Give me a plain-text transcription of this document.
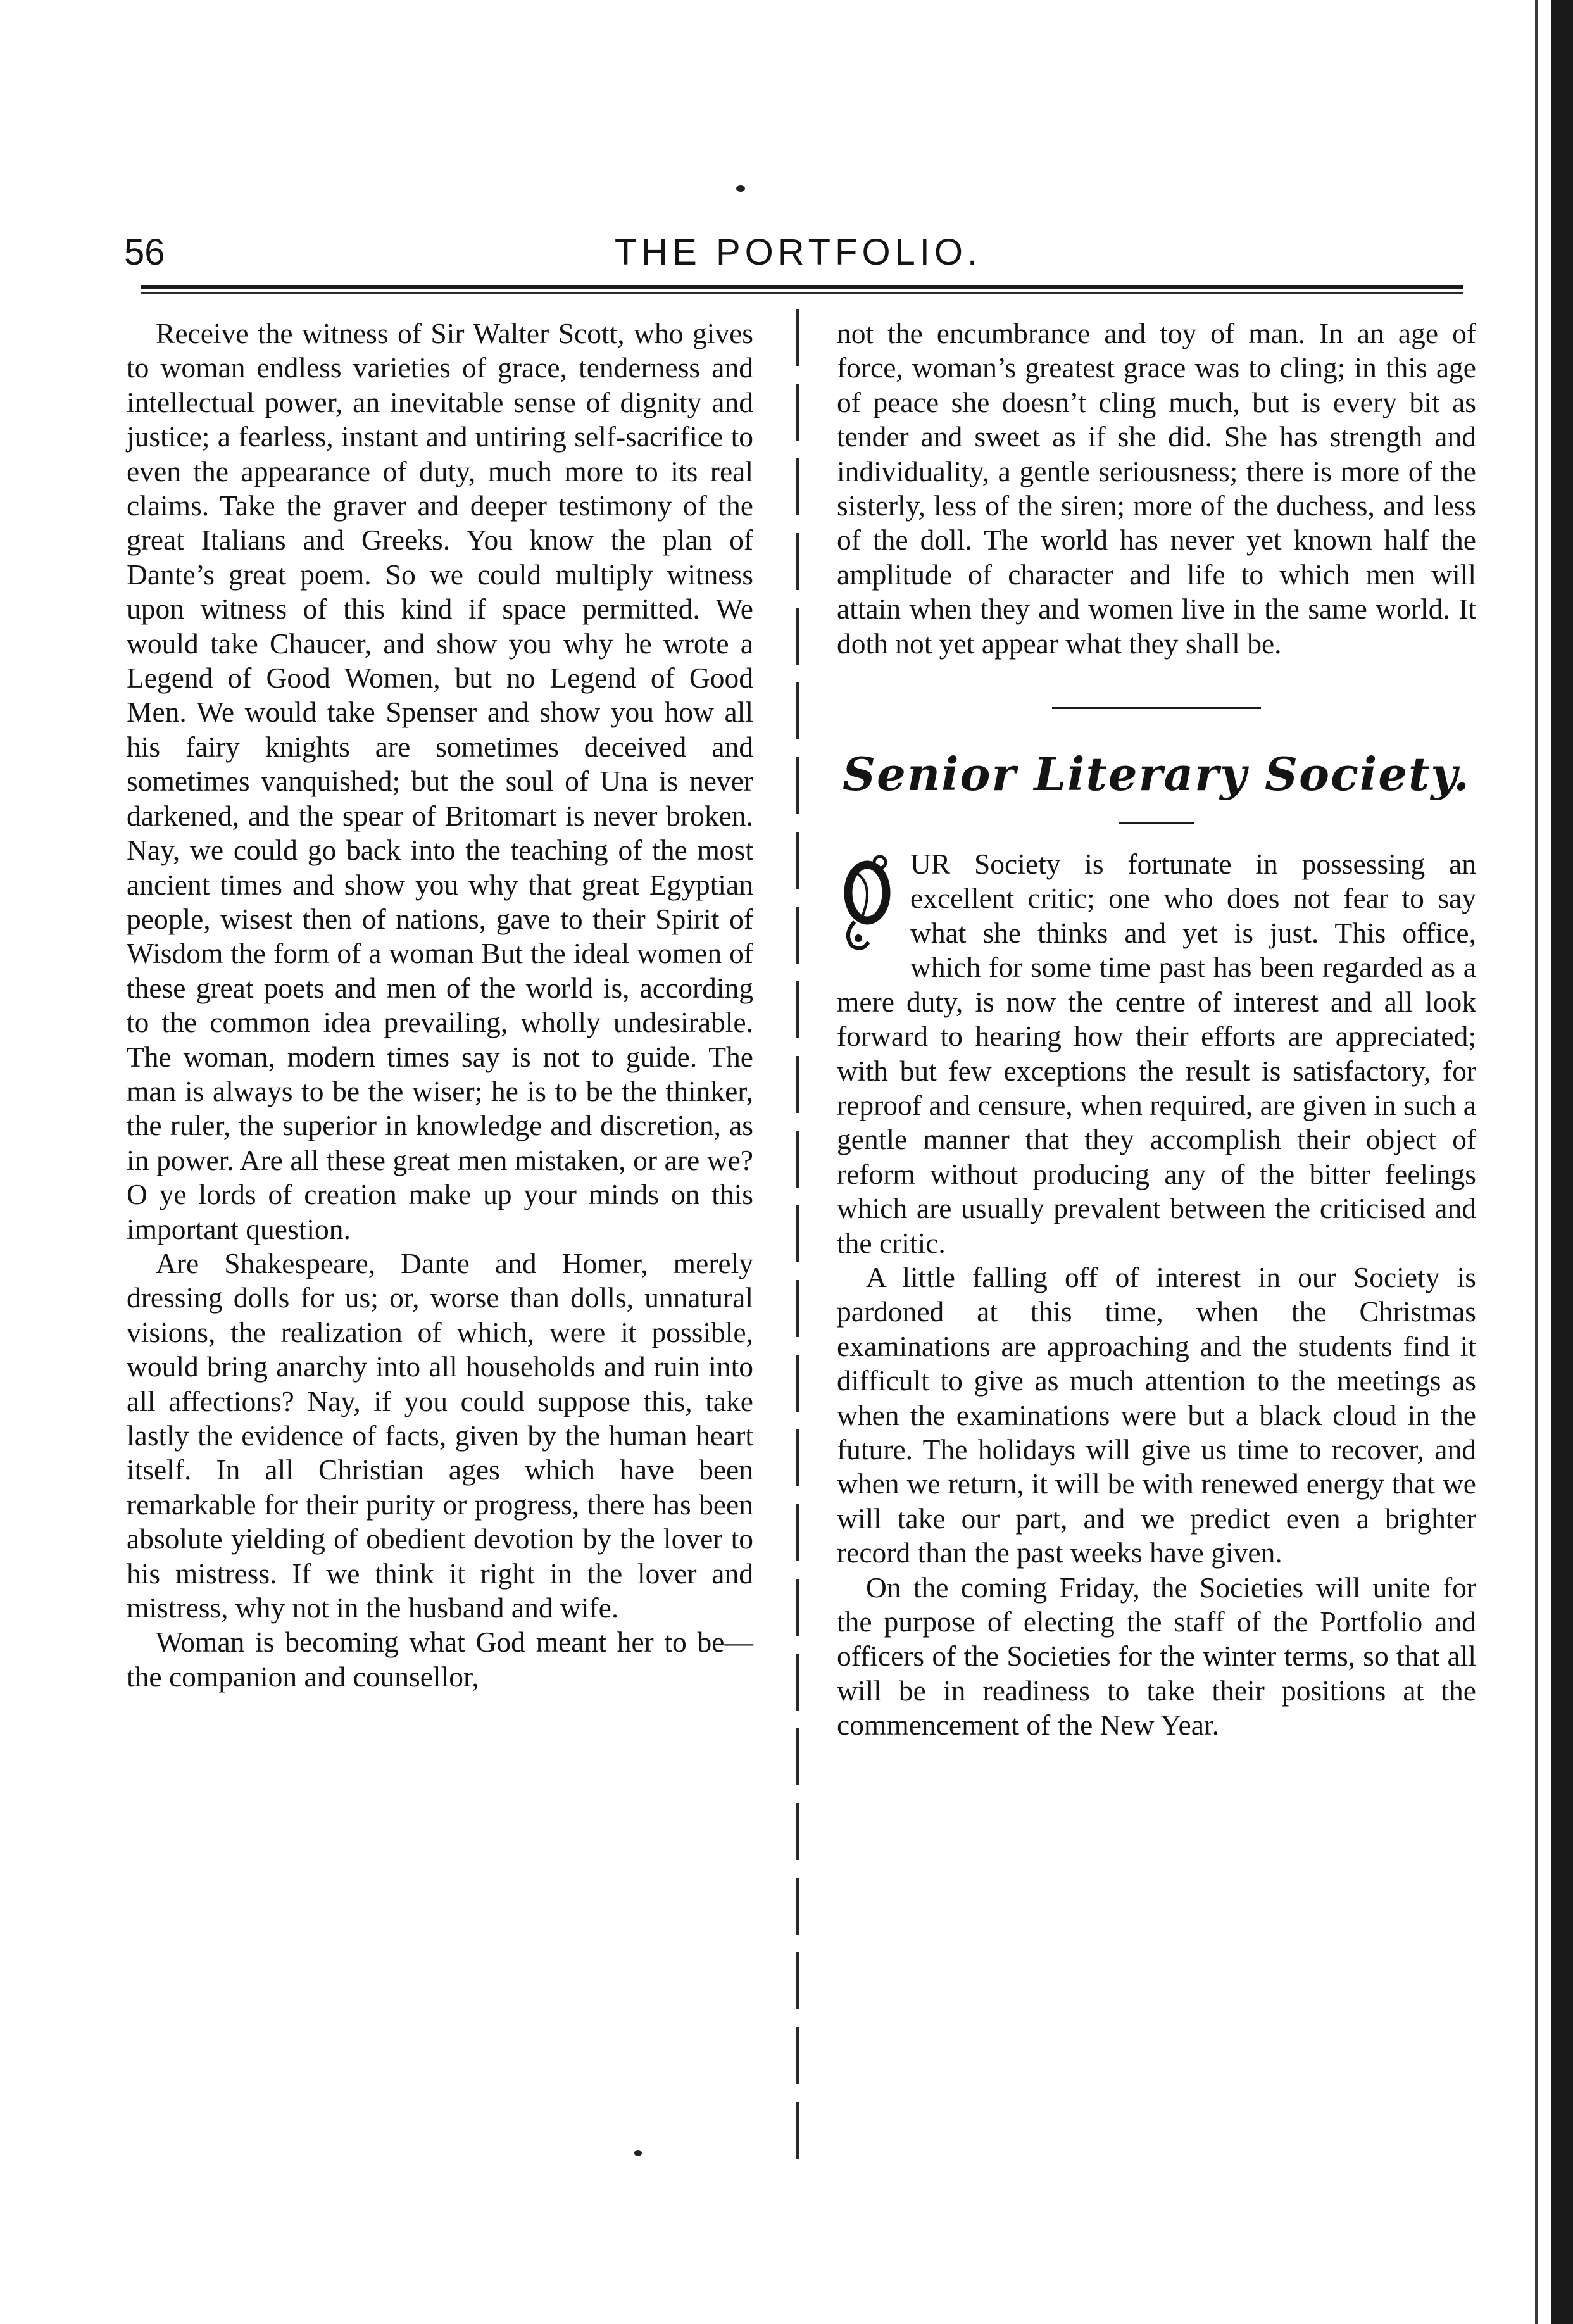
56	THE PORTFOLIO.

Receive the witness of Sir Walter Scott, who gives to woman endless varieties of grace, tenderness and intellectual power, an inevitable sense of dignity and justice; a fearless, instant and untiring self-sacrifice to even the appearance of duty, much more to its real claims. Take the graver and deeper testimony of the great Italians and Greeks. You know the plan of Dante’s great poem. So we could multiply witness upon witness of this kind if space permitted. We would take Chaucer, and show you why he wrote a Legend of Good Women, but no Legend of Good Men. We would take Spenser and show you how all his fairy knights are sometimes deceived and sometimes vanquished; but the soul of Una is never darkened, and the spear of Britomart is never broken. Nay, we could go back into the teaching of the most ancient times and show you why that great Egyptian people, wisest then of nations, gave to their Spirit of Wisdom the form of a woman But the ideal women of these great poets and men of the world is, according to the common idea prevailing, wholly undesirable. The woman, modern times say is not to guide. The man is always to be the wiser; he is to be the thinker, the ruler, the superior in knowledge and discretion, as in power. Are all these great men mistaken, or are we? O ye lords of creation make up your minds on this important question.

Are Shakespeare, Dante and Homer, merely dressing dolls for us; or, worse than dolls, unnatural visions, the realization of which, were it possible, would bring anarchy into all households and ruin into all affections? Nay, if you could suppose this, take lastly the evidence of facts, given by the human heart itself. In all Christian ages which have been remarkable for their purity or progress, there has been absolute yielding of obedient devotion by the lover to his mistress. If we think it right in the lover and mistress, why not in the husband and wife.

Woman is becoming what God meant her to be—the companion and counsellor,

not the encumbrance and toy of man. In an age of force, woman’s greatest grace was to cling; in this age of peace she doesn’t cling much, but is every bit as tender and sweet as if she did. She has strength and individuality, a gentle seriousness; there is more of the sisterly, less of the siren; more of the duchess, and less of the doll. The world has never yet known half the amplitude of character and life to which men will attain when they and women live in the same world. It doth not yet appear what they shall be.

Senior Literary Society.

UR Society is fortunate in possessing an excellent critic; one who does not fear to say what she thinks and yet is just. This office, which for some time past has been regarded as a mere duty, is now the centre of interest and all look forward to hearing how their efforts are appreciated; with but few exceptions the result is satisfactory, for reproof and censure, when required, are given in such a gentle manner that they accomplish their object of reform without producing any of the bitter feelings which are usually prevalent between the criticised and the critic.

A little falling off of interest in our Society is pardoned at this time, when the Christmas examinations are approaching and the students find it difficult to give as much attention to the meetings as when the examinations were but a black cloud in the future. The holidays will give us time to recover, and when we return, it will be with renewed energy that we will take our part, and we predict even a brighter record than the past weeks have given.

On the coming Friday, the Societies will unite for the purpose of electing the staff of the Portfolio and officers of the Societies for the winter terms, so that all will be in readiness to take their positions at the commencement of the New Year.
